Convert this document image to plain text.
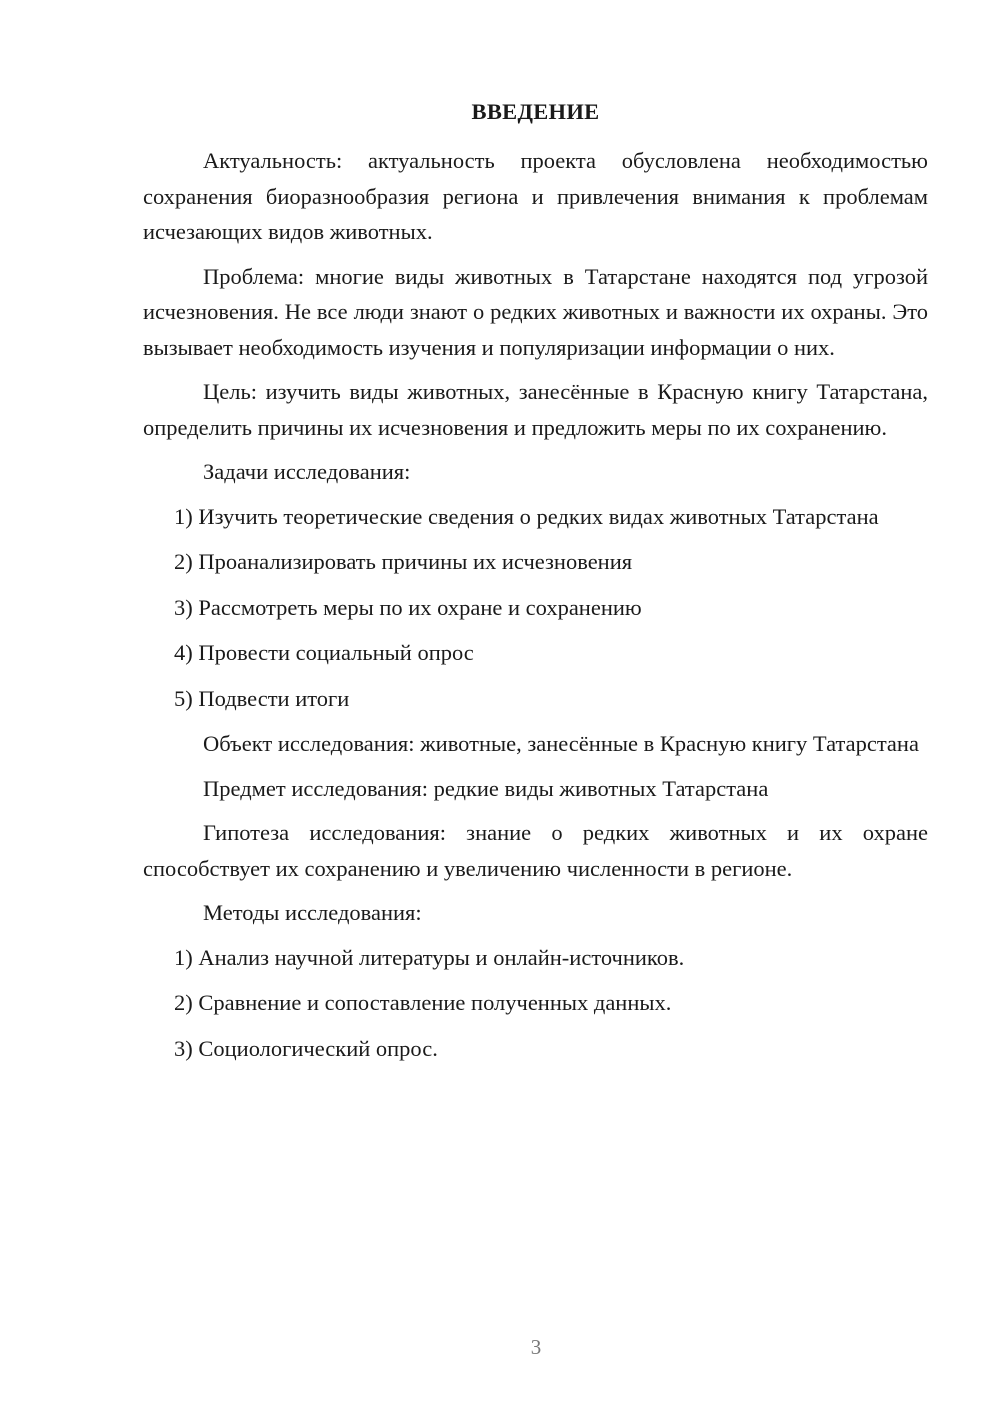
ВВЕДЕНИЕ

Актуальность: актуальность проекта обусловлена необходимостью сохранения биоразнообразия региона и привлечения внимания к проблемам исчезающих видов животных.

Проблема: многие виды животных в Татарстане находятся под угрозой исчезновения. Не все люди знают о редких животных и важности их охраны. Это вызывает необходимость изучения и популяризации информации о них.

Цель: изучить виды животных, занесённые в Красную книгу Татарстана, определить причины их исчезновения и предложить меры по их сохранению.

Задачи исследования:

1) Изучить теоретические сведения о редких видах животных Татарстана

2) Проанализировать причины их исчезновения

3) Рассмотреть меры по их охране и сохранению

4) Провести социальный опрос

5) Подвести итоги

Объект исследования: животные, занесённые в Красную книгу Татарстана

Предмет исследования: редкие виды животных Татарстана

Гипотеза исследования: знание о редких животных и их охране способствует их сохранению и увеличению численности в регионе.

Методы исследования:

1) Анализ научной литературы и онлайн-источников.

2) Сравнение и сопоставление полученных данных.

3) Социологический опрос.

3
